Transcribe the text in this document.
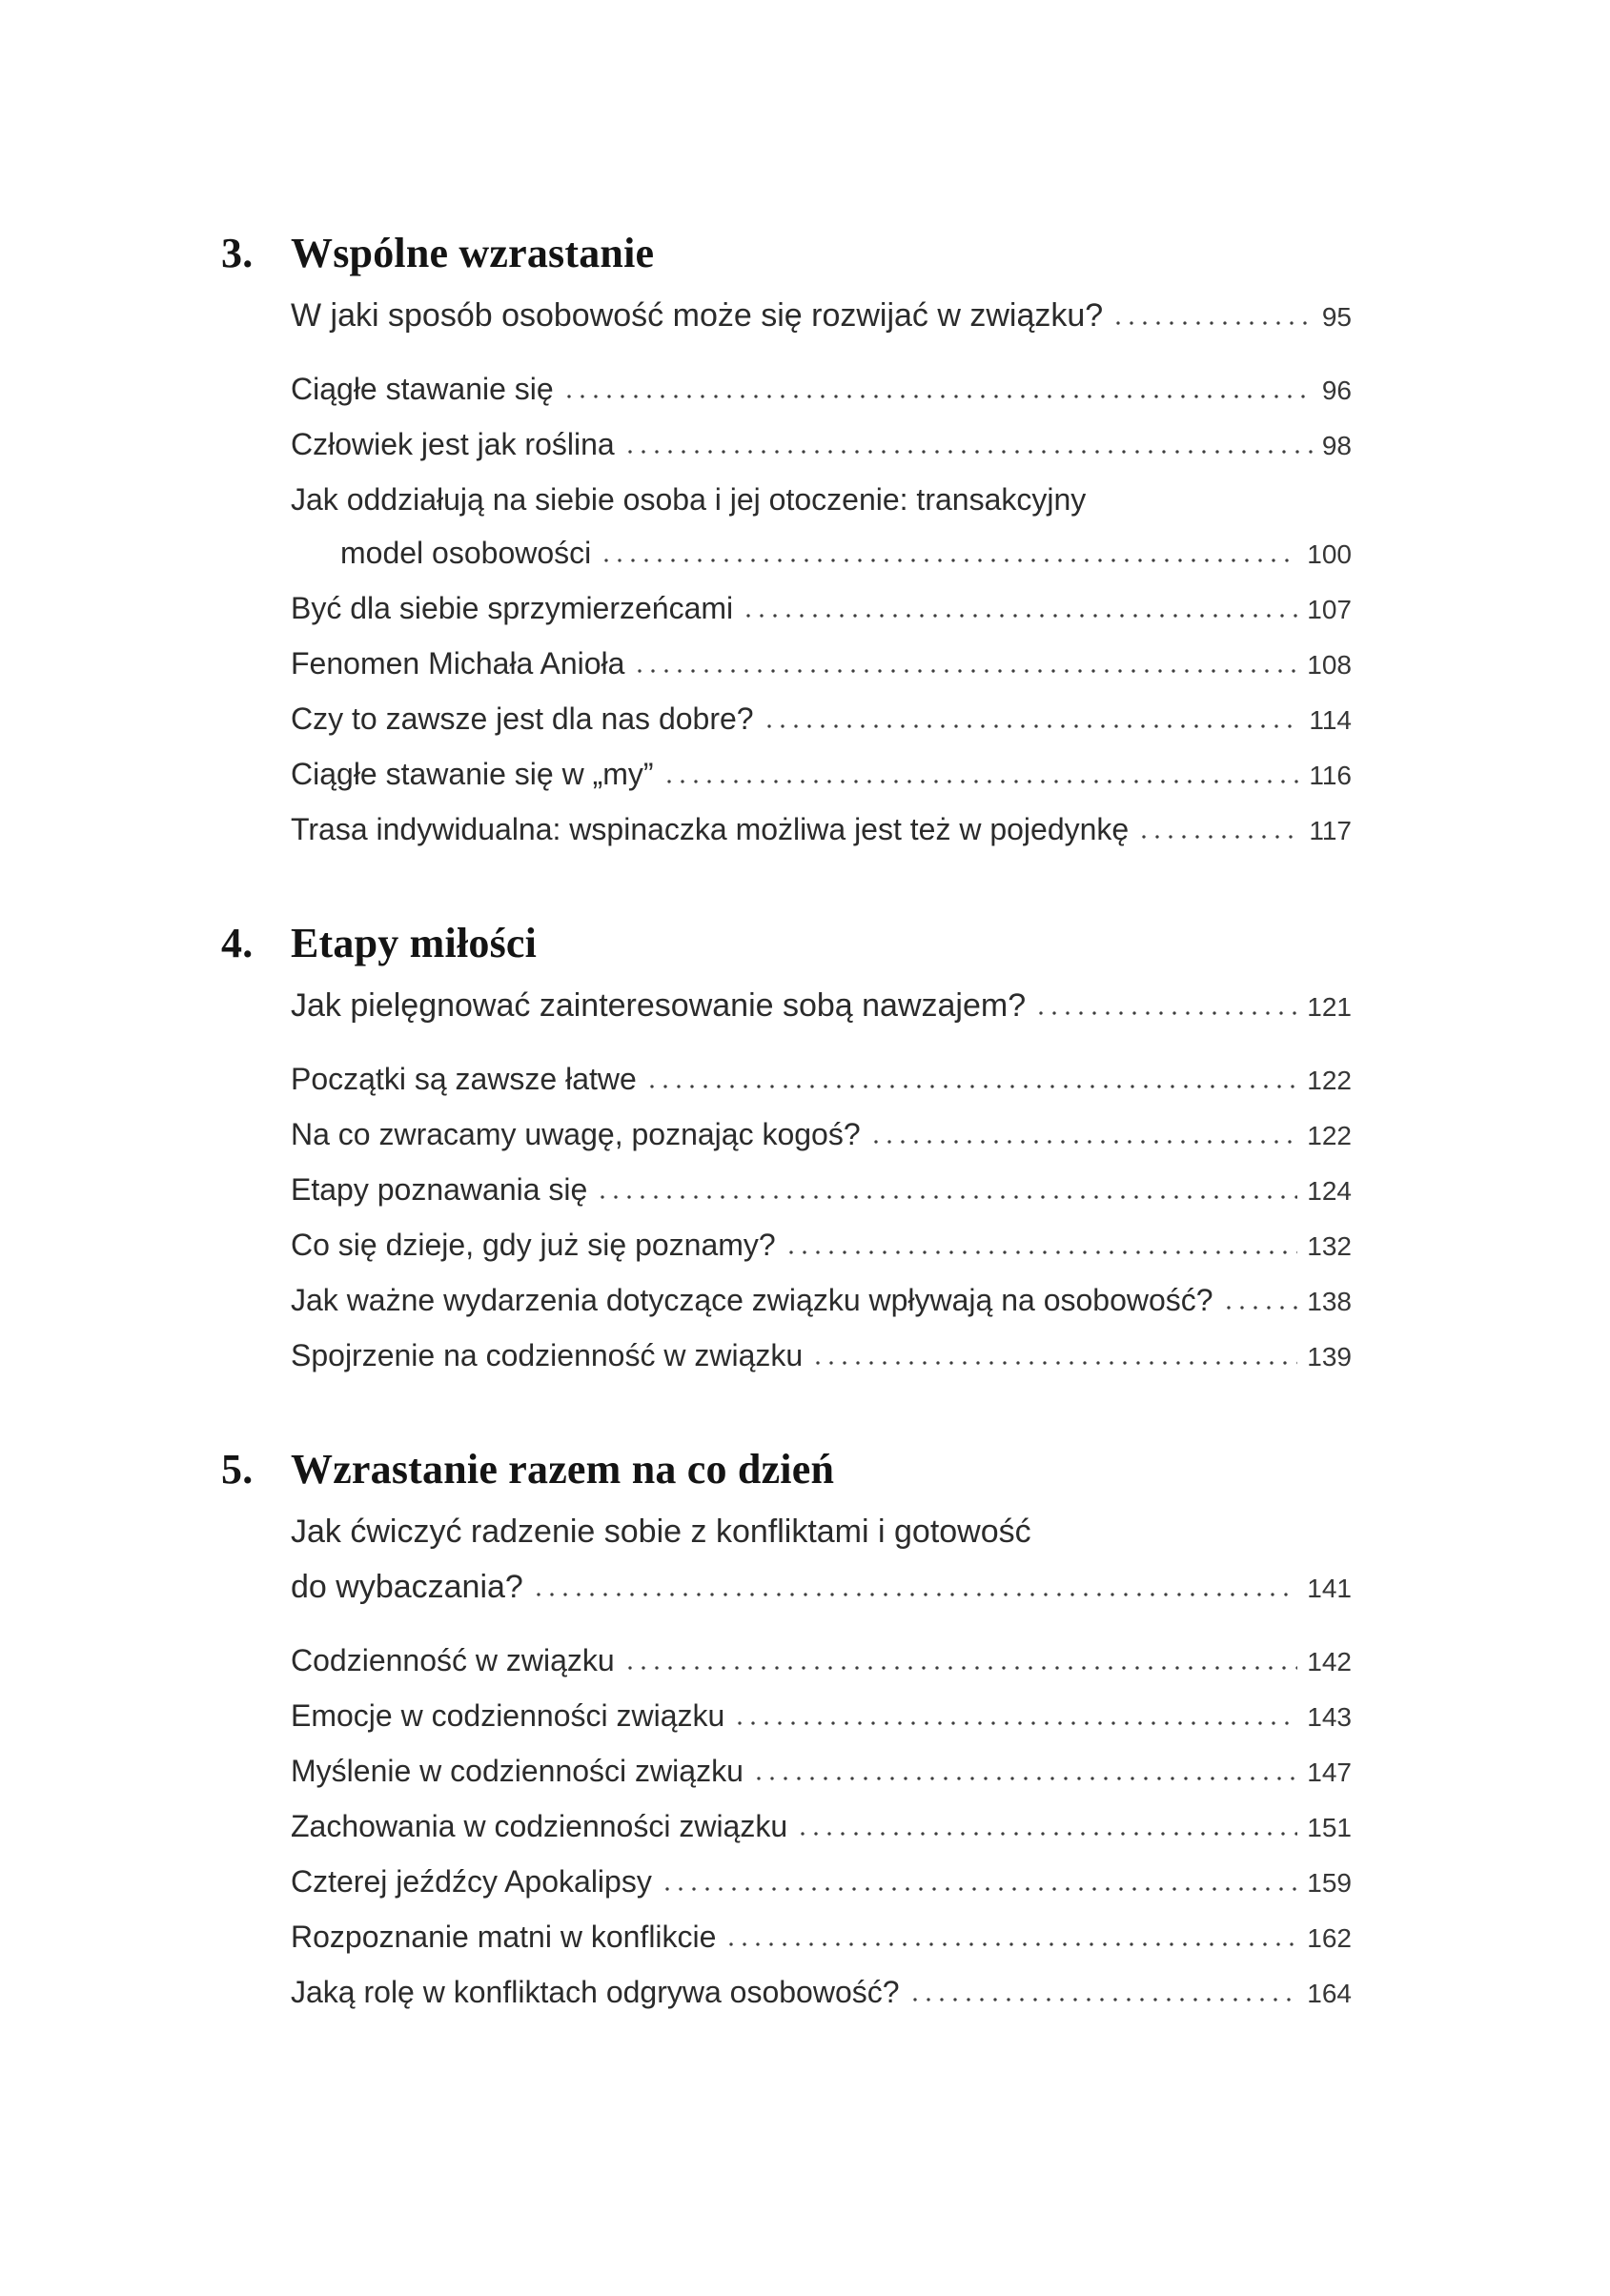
3. Wspólne wzrastanie
W jaki sposób osobowość może się rozwijać w związku?	95
Ciągłe stawanie się	96
Człowiek jest jak roślina	98
Jak oddziałują na siebie osoba i jej otoczenie: transakcyjny
model osobowości	100
Być dla siebie sprzymierzeńcami	107
Fenomen Michała Anioła	108
Czy to zawsze jest dla nas dobre?	114
Ciągłe stawanie się w „my”	116
Trasa indywidualna: wspinaczka możliwa jest też w pojedynkę	117
4. Etapy miłości
Jak pielęgnować zainteresowanie sobą nawzajem?	121
Początki są zawsze łatwe	122
Na co zwracamy uwagę, poznając kogoś?	122
Etapy poznawania się	124
Co się dzieje, gdy już się poznamy?	132
Jak ważne wydarzenia dotyczące związku wpływają na osobowość?	138
Spojrzenie na codzienność w związku	139
5. Wzrastanie razem na co dzień
Jak ćwiczyć radzenie sobie z konfliktami i gotowość
do wybaczania?	141
Codzienność w związku	142
Emocje w codzienności związku	143
Myślenie w codzienności związku	147
Zachowania w codzienności związku	151
Czterej jeźdźcy Apokalipsy	159
Rozpoznanie matni w konflikcie	162
Jaką rolę w konfliktach odgrywa osobowość?	164
